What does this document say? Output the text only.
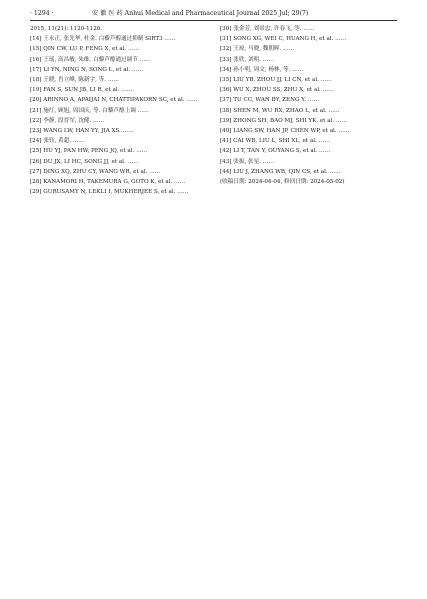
· 1294 ·	安 徽 医 药 Anhui Medical and Pharmaceutical Journal 2025 Jul; 29(7)

2015, 11(21): 1120-1126.

[14] 王永正, 张先华, 杜金. 白藜芦醇通过抑制 SIRT3 ……

[15] QIN CW, LU P, FENG X, et al. ……

[16] 王瑶, 高昌敏, 朱维. 白藜芦醇通过调节 ……

[17] LI YN, NING N, SONG L, et al. ……

[18] 王晓, 肖立峰, 陈新宇, 等. ……

[19] FAN S, SUN JB, LI R, et al. ……

[20] ARINNO A, APAIJAI N, CHATTIPAKORN SC, et al. ……

[21] 施红, 顾旭, 周国庆, 等. 白藜芦醇上调 ……

[22] 李静, 段晋军, 沈健. ……

[23] WANG LW, HAN YY, JIA XS. ……

[24] 张钰, 黄超. ……

[25] HU YJ, PAN HW, PENG JQ, et al. ……

[26] DU JX, LI HC, SONG JJ, et al. ……

[27] DING XQ, ZHU CY, WANG WR, et al. ……

[28] KANAMORI H, TAKEMURA G, GOTO K, et al. ……

[29] GURUSAMY N, LEKLI I, MUKHERJEE S, et al. ……

[30] 张金芳, 刘景忠, 许春飞, 等. ……

[31] SONG XG, WEI C, HUANG H, et al. ……

[32] 王琼, 马晓, 魏朝晖. ……

[33] 张欣, 刘明. ……

[34] 孙小明, 周文, 杨林, 等. ……

[35] LIU YB, ZHOU JJ, LI CN, et al. ……

[36] WU X, ZHOU SS, ZHU X, et al. ……

[37] TU CC, WAN BY, ZENG Y. ……

[38] SHEN M, WU RX, ZHAO L, et al. ……

[39] ZHONG SH, BAO MJ, SHI YK, et al. ……

[40] LIANG SW, HAN JP, CHEN WP, et al. ……

[41] CAI WB, LIU L, SHI XL, et al. ……

[42] LI T, TAN Y, OUYANG S, et al. ……

[43] 张振, 张星. ……

[44] LIU J, ZHANG WB, QIN CS, et al. ……

(收稿日期: 2024-04-04, 修回日期: 2024-05-02)
